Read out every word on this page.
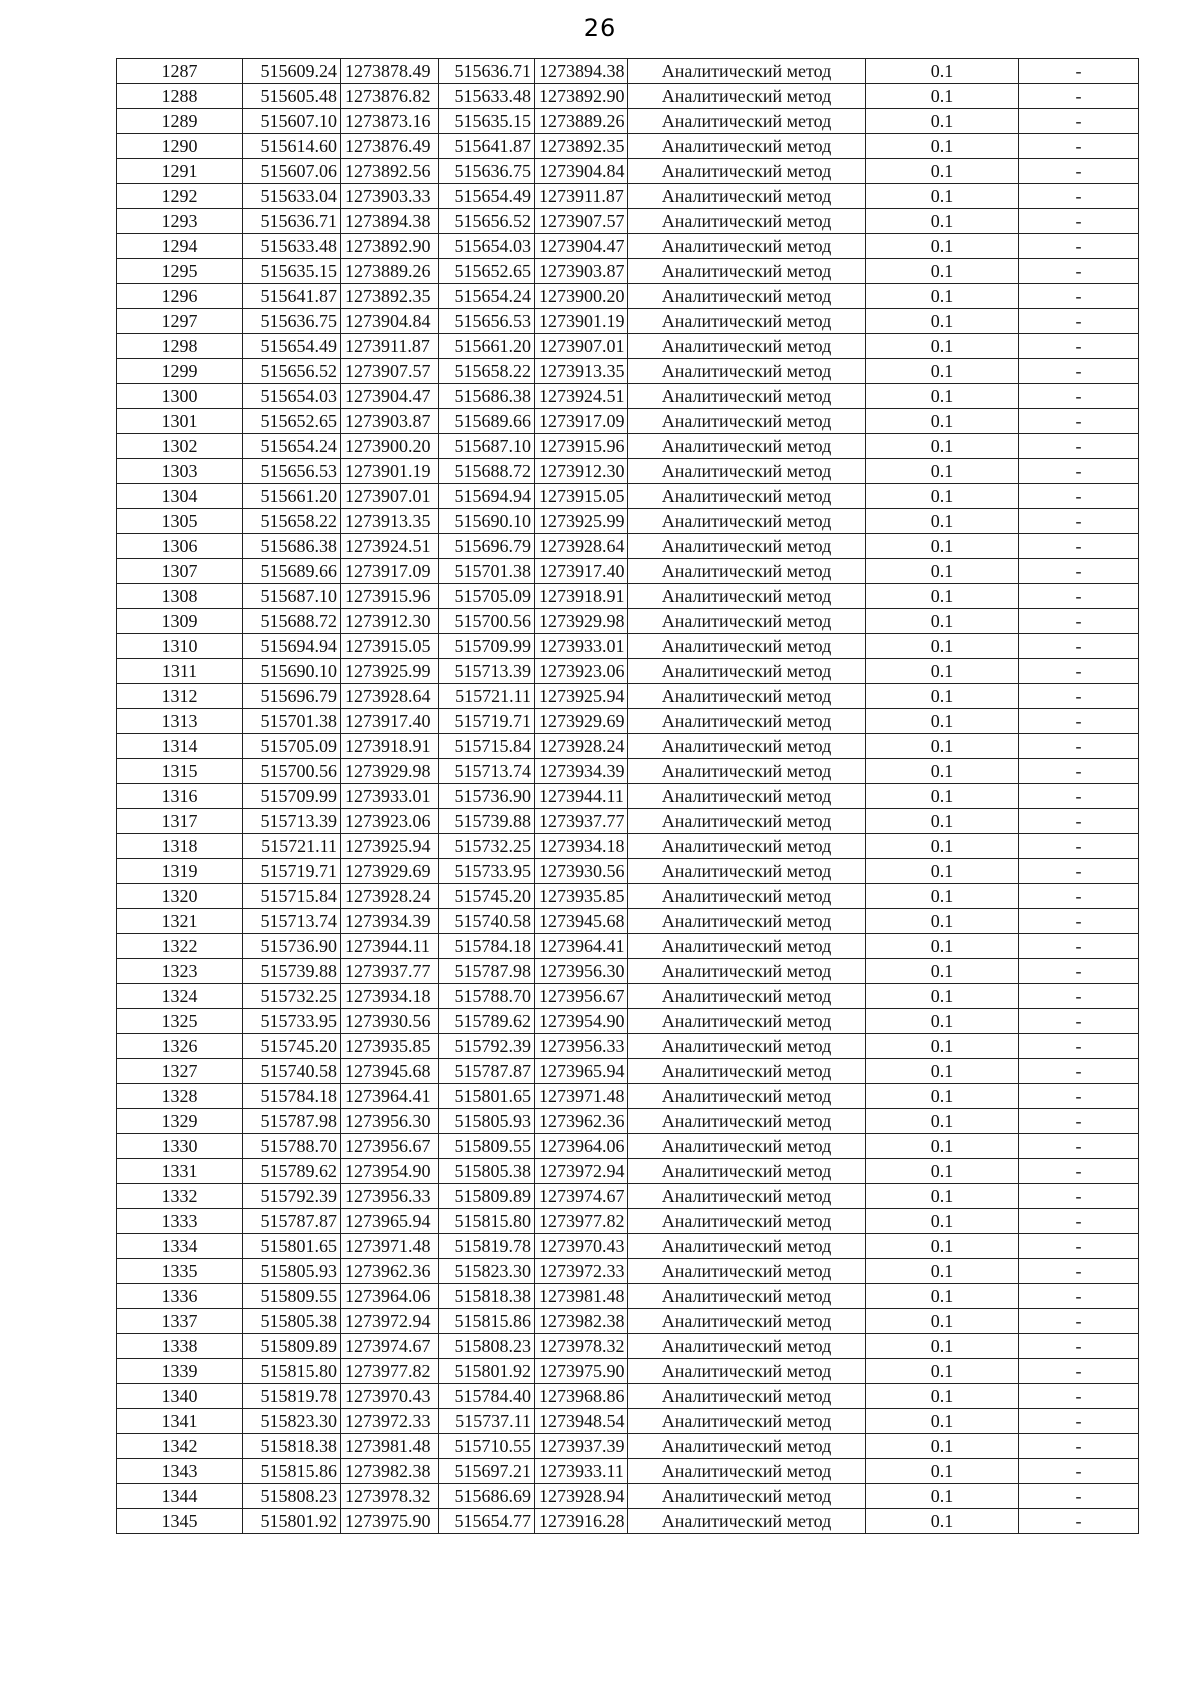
26
1287	515609.24	1273878.49	515636.71	1273894.38	Аналитический метод	0.1	-
1288	515605.48	1273876.82	515633.48	1273892.90	Аналитический метод	0.1	-
1289	515607.10	1273873.16	515635.15	1273889.26	Аналитический метод	0.1	-
1290	515614.60	1273876.49	515641.87	1273892.35	Аналитический метод	0.1	-
1291	515607.06	1273892.56	515636.75	1273904.84	Аналитический метод	0.1	-
1292	515633.04	1273903.33	515654.49	1273911.87	Аналитический метод	0.1	-
1293	515636.71	1273894.38	515656.52	1273907.57	Аналитический метод	0.1	-
1294	515633.48	1273892.90	515654.03	1273904.47	Аналитический метод	0.1	-
1295	515635.15	1273889.26	515652.65	1273903.87	Аналитический метод	0.1	-
1296	515641.87	1273892.35	515654.24	1273900.20	Аналитический метод	0.1	-
1297	515636.75	1273904.84	515656.53	1273901.19	Аналитический метод	0.1	-
1298	515654.49	1273911.87	515661.20	1273907.01	Аналитический метод	0.1	-
1299	515656.52	1273907.57	515658.22	1273913.35	Аналитический метод	0.1	-
1300	515654.03	1273904.47	515686.38	1273924.51	Аналитический метод	0.1	-
1301	515652.65	1273903.87	515689.66	1273917.09	Аналитический метод	0.1	-
1302	515654.24	1273900.20	515687.10	1273915.96	Аналитический метод	0.1	-
1303	515656.53	1273901.19	515688.72	1273912.30	Аналитический метод	0.1	-
1304	515661.20	1273907.01	515694.94	1273915.05	Аналитический метод	0.1	-
1305	515658.22	1273913.35	515690.10	1273925.99	Аналитический метод	0.1	-
1306	515686.38	1273924.51	515696.79	1273928.64	Аналитический метод	0.1	-
1307	515689.66	1273917.09	515701.38	1273917.40	Аналитический метод	0.1	-
1308	515687.10	1273915.96	515705.09	1273918.91	Аналитический метод	0.1	-
1309	515688.72	1273912.30	515700.56	1273929.98	Аналитический метод	0.1	-
1310	515694.94	1273915.05	515709.99	1273933.01	Аналитический метод	0.1	-
1311	515690.10	1273925.99	515713.39	1273923.06	Аналитический метод	0.1	-
1312	515696.79	1273928.64	515721.11	1273925.94	Аналитический метод	0.1	-
1313	515701.38	1273917.40	515719.71	1273929.69	Аналитический метод	0.1	-
1314	515705.09	1273918.91	515715.84	1273928.24	Аналитический метод	0.1	-
1315	515700.56	1273929.98	515713.74	1273934.39	Аналитический метод	0.1	-
1316	515709.99	1273933.01	515736.90	1273944.11	Аналитический метод	0.1	-
1317	515713.39	1273923.06	515739.88	1273937.77	Аналитический метод	0.1	-
1318	515721.11	1273925.94	515732.25	1273934.18	Аналитический метод	0.1	-
1319	515719.71	1273929.69	515733.95	1273930.56	Аналитический метод	0.1	-
1320	515715.84	1273928.24	515745.20	1273935.85	Аналитический метод	0.1	-
1321	515713.74	1273934.39	515740.58	1273945.68	Аналитический метод	0.1	-
1322	515736.90	1273944.11	515784.18	1273964.41	Аналитический метод	0.1	-
1323	515739.88	1273937.77	515787.98	1273956.30	Аналитический метод	0.1	-
1324	515732.25	1273934.18	515788.70	1273956.67	Аналитический метод	0.1	-
1325	515733.95	1273930.56	515789.62	1273954.90	Аналитический метод	0.1	-
1326	515745.20	1273935.85	515792.39	1273956.33	Аналитический метод	0.1	-
1327	515740.58	1273945.68	515787.87	1273965.94	Аналитический метод	0.1	-
1328	515784.18	1273964.41	515801.65	1273971.48	Аналитический метод	0.1	-
1329	515787.98	1273956.30	515805.93	1273962.36	Аналитический метод	0.1	-
1330	515788.70	1273956.67	515809.55	1273964.06	Аналитический метод	0.1	-
1331	515789.62	1273954.90	515805.38	1273972.94	Аналитический метод	0.1	-
1332	515792.39	1273956.33	515809.89	1273974.67	Аналитический метод	0.1	-
1333	515787.87	1273965.94	515815.80	1273977.82	Аналитический метод	0.1	-
1334	515801.65	1273971.48	515819.78	1273970.43	Аналитический метод	0.1	-
1335	515805.93	1273962.36	515823.30	1273972.33	Аналитический метод	0.1	-
1336	515809.55	1273964.06	515818.38	1273981.48	Аналитический метод	0.1	-
1337	515805.38	1273972.94	515815.86	1273982.38	Аналитический метод	0.1	-
1338	515809.89	1273974.67	515808.23	1273978.32	Аналитический метод	0.1	-
1339	515815.80	1273977.82	515801.92	1273975.90	Аналитический метод	0.1	-
1340	515819.78	1273970.43	515784.40	1273968.86	Аналитический метод	0.1	-
1341	515823.30	1273972.33	515737.11	1273948.54	Аналитический метод	0.1	-
1342	515818.38	1273981.48	515710.55	1273937.39	Аналитический метод	0.1	-
1343	515815.86	1273982.38	515697.21	1273933.11	Аналитический метод	0.1	-
1344	515808.23	1273978.32	515686.69	1273928.94	Аналитический метод	0.1	-
1345	515801.92	1273975.90	515654.77	1273916.28	Аналитический метод	0.1	-
